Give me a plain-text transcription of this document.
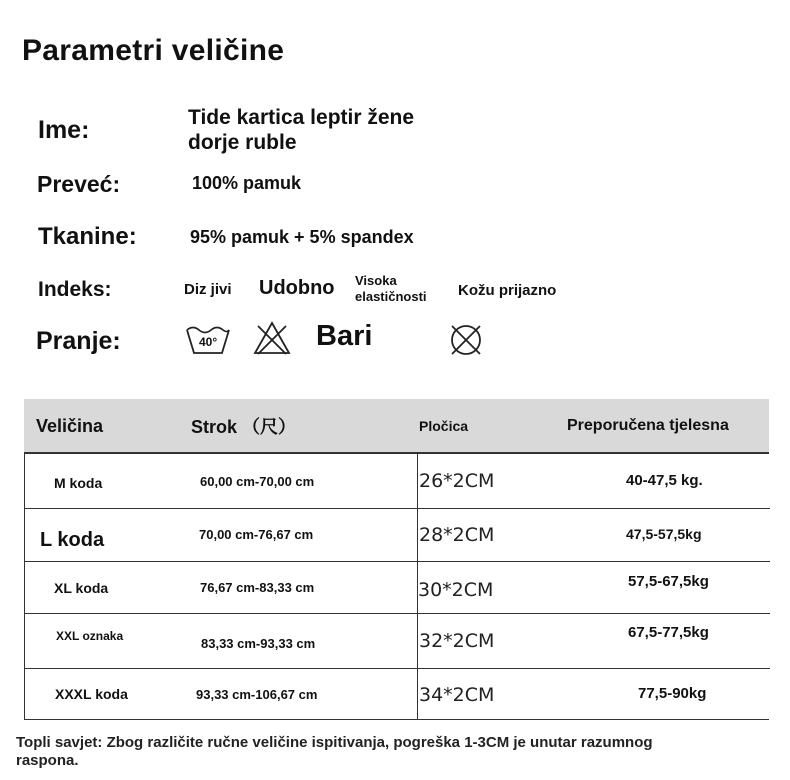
Parametri veličine
Ime:	Tide kartica leptir žene
dorje ruble
Preveć:	100% pamuk
Tkanine:	95% pamuk + 5% spandex
Indeks:	Diz jivi Udobno Visoka
elastičnosti Kožu prijazno
Pranje:	40°	Bari
Veličina	Strok （尺）	Pločica	Preporučena tjelesna
M koda	60,00 cm-70,00 cm	26*2CM	40-47,5 kg.
L koda	70,00 cm-76,67 cm	28*2CM	47,5-57,5kg
XL koda	76,67 cm-83,33 cm	30*2CM	57,5-67,5kg
XXL oznaka	83,33 cm-93,33 cm	32*2CM	67,5-77,5kg
XXXL koda	93,33 cm-106,67 cm	34*2CM	77,5-90kg
Topli savjet: Zbog različite ručne veličine ispitivanja, pogreška 1-3CM je unutar razumnog raspona.
